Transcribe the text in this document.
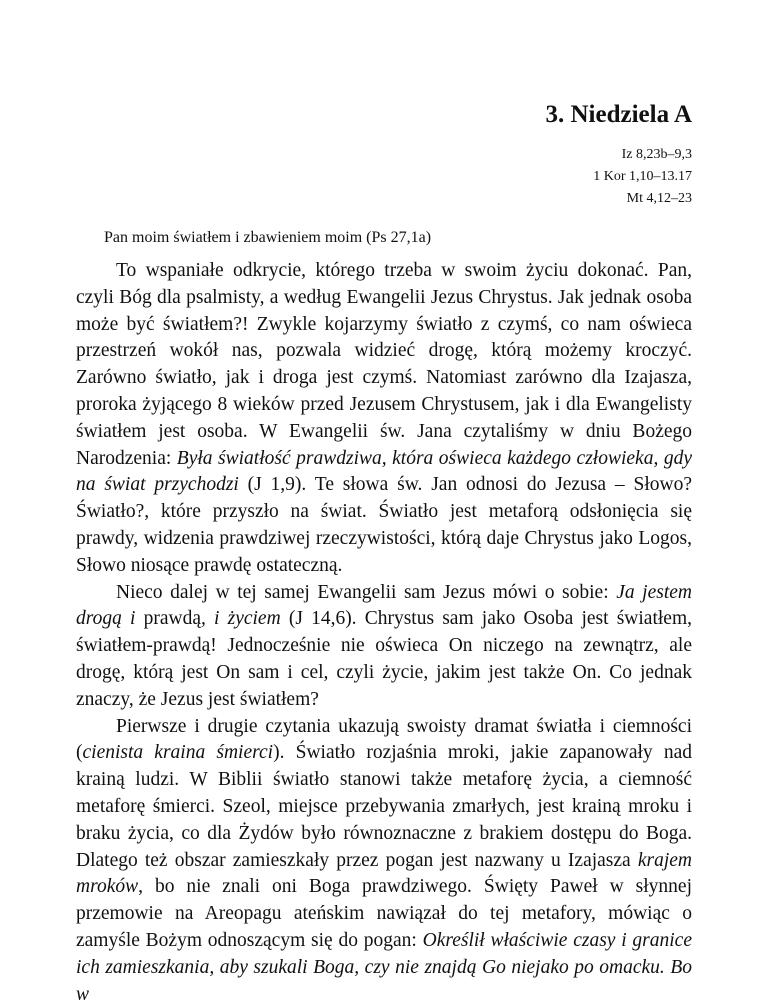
3. Niedziela A
Iz 8,23b–9,3
1 Kor 1,10–13.17
Mt 4,12–23
Pan moim światłem i zbawieniem moim (Ps 27,1a)

To wspaniałe odkrycie, którego trzeba w swoim życiu dokonać. Pan, czyli Bóg dla psalmisty, a według Ewangelii Jezus Chrystus. Jak jednak osoba może być światłem?! Zwykle kojarzymy światło z czymś, co nam oświeca przestrzeń wokół nas, pozwala widzieć drogę, którą możemy kroczyć. Zarówno światło, jak i droga jest czymś. Natomiast zarówno dla Izajasza, proroka żyjącego 8 wieków przed Jezusem Chrystusem, jak i dla Ewangelisty światłem jest osoba. W Ewangelii św. Jana czytaliśmy w dniu Bożego Narodzenia: Była światłość prawdziwa, która oświeca każdego człowieka, gdy na świat przychodzi (J 1,9). Te słowa św. Jan odnosi do Jezusa – Słowo? Światło?, które przyszło na świat. Światło jest metaforą odsłonięcia się prawdy, widzenia prawdziwej rzeczywistości, którą daje Chrystus jako Logos, Słowo niosące prawdę ostateczną.

Nieco dalej w tej samej Ewangelii sam Jezus mówi o sobie: Ja jestem drogą i prawdą, i życiem (J 14,6). Chrystus sam jako Osoba jest światłem, światłem-prawdą! Jednocześnie nie oświeca On niczego na zewnątrz, ale drogę, którą jest On sam i cel, czyli życie, jakim jest także On. Co jednak znaczy, że Jezus jest światłem?

Pierwsze i drugie czytania ukazują swoisty dramat światła i ciemności (cienista kraina śmierci). Światło rozjaśnia mroki, jakie zapanowały nad krainą ludzi. W Biblii światło stanowi także metaforę życia, a ciemność metaforę śmierci. Szeol, miejsce przebywania zmarłych, jest krainą mroku i braku życia, co dla Żydów było równoznaczne z brakiem dostępu do Boga. Dlatego też obszar zamieszkały przez pogan jest nazwany u Izajasza krajem mroków, bo nie znali oni Boga prawdziwego. Święty Paweł w słynnej przemowie na Areopagu ateńskim nawiązał do tej metafory, mówiąc o zamyśle Bożym odnoszącym się do pogan: Określił właściwie czasy i granice ich zamieszkania, aby szukali Boga, czy nie znajdą Go niejako po omacku. Bo w
